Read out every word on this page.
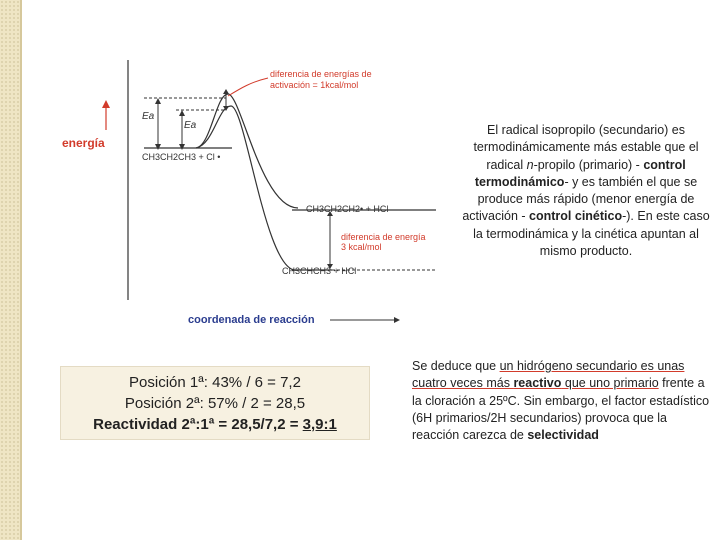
energía
Ea
Ea
CH3CH2CH3 + Cl •
CH3CH2CH2• + HCl
CH3CHCH3 + HCl
diferencia de energías de
activación = 1kcal/mol
diferencia de energía
3 kcal/mol
coordenada de reacción
El radical isopropilo (secundario) es termodinámicamente más estable que el radical n-propilo (primario) - control termodinámico- y es también el que se produce más rápido (menor energía de activación - control cinético-). En este caso la termodinámica y la cinética apuntan al mismo producto.
Posición 1ª: 43% / 6 = 7,2
Posición 2ª: 57% / 2 = 28,5
Reactividad 2ª:1ª = 28,5/7,2 = 3,9:1
Se deduce que un hidrógeno secundario es unas cuatro veces más reactivo que uno primario frente a la cloración a 25ºC. Sin embargo, el factor estadístico (6H primarios/2H secundarios) provoca que la reacción carezca de selectividad
